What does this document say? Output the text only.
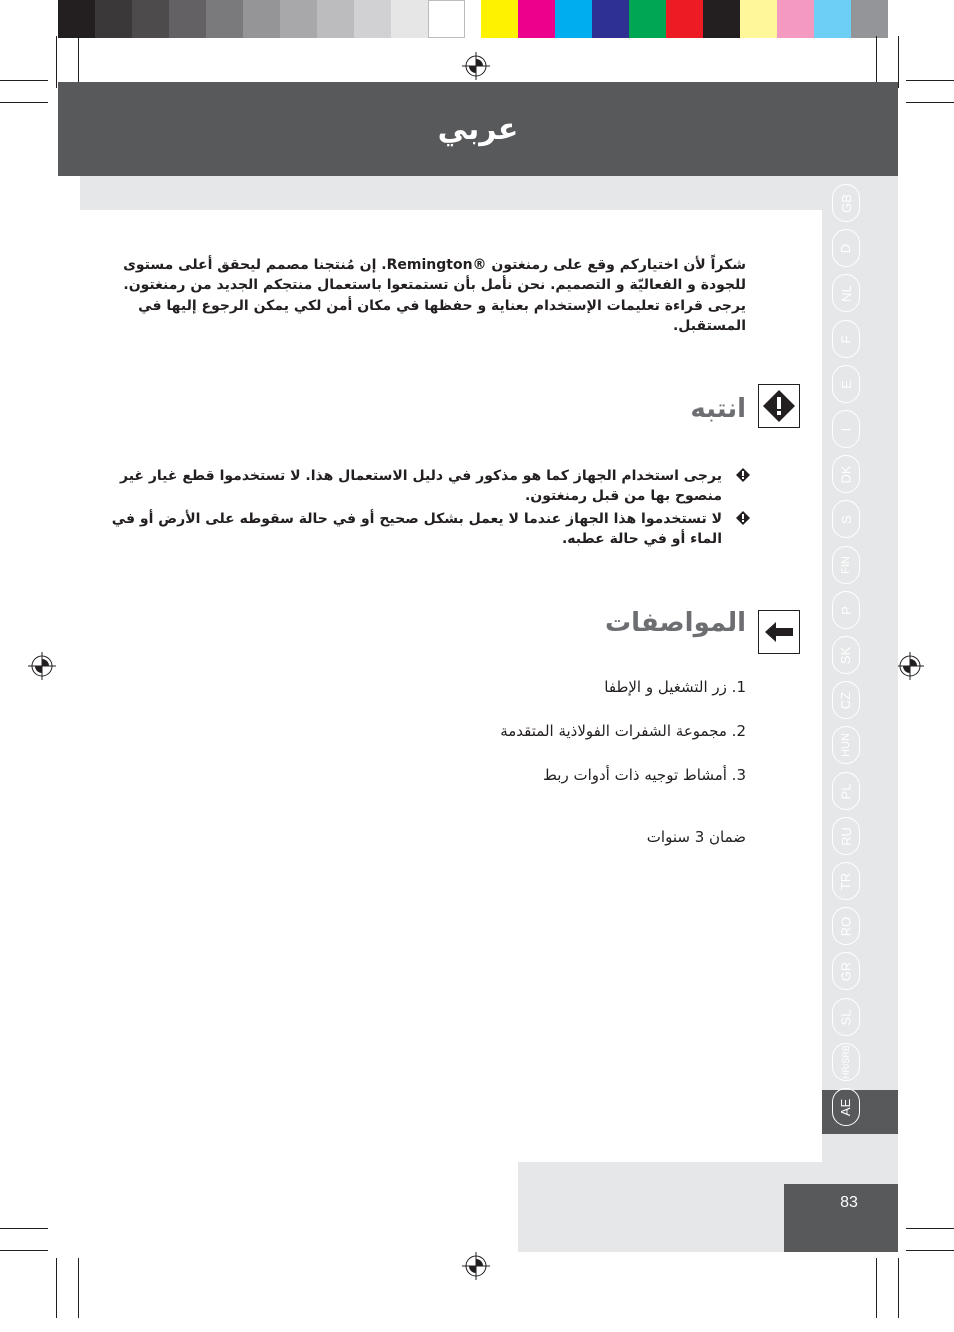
عربي
GB
D
NL
F
E
I
DK
S
FIN
P
SK
CZ
HUN
PL
RU
TR
RO
GR
SL
HR/SRB
AE
شكراً لأن اختياركم وقع على رمنغتون ®Remington. إن مُنتجنا مصمم ليحقق أعلى مستوى للجودة و الفعاليّة و التصميم. نحن نأمل بأن تستمتعوا باستعمال منتجكم الجديد من رمنغتون. يرجى قراءة تعليمات الإستخدام بعناية و حفظها في مكان أمن لكي يمكن الرجوع إليها في المستقبل.
انتبه
يرجى استخدام الجهاز كما هو مذكور في دليل الاستعمال هذا. لا تستخدموا قطع غيار غير منصوح بها من قبل رمنغتون.
لا تستخدموا هذا الجهاز عندما لا يعمل بشكل صحيح أو في حالة سقوطه على الأرض أو في الماء أو في حالة عطبه.
المواصفات
1. زر التشغيل و الإطفا
2. مجموعة الشفرات الفولاذية المتقدمة
3. أمشاط توجيه ذات أدوات ربط
ضمان 3 سنوات
83
